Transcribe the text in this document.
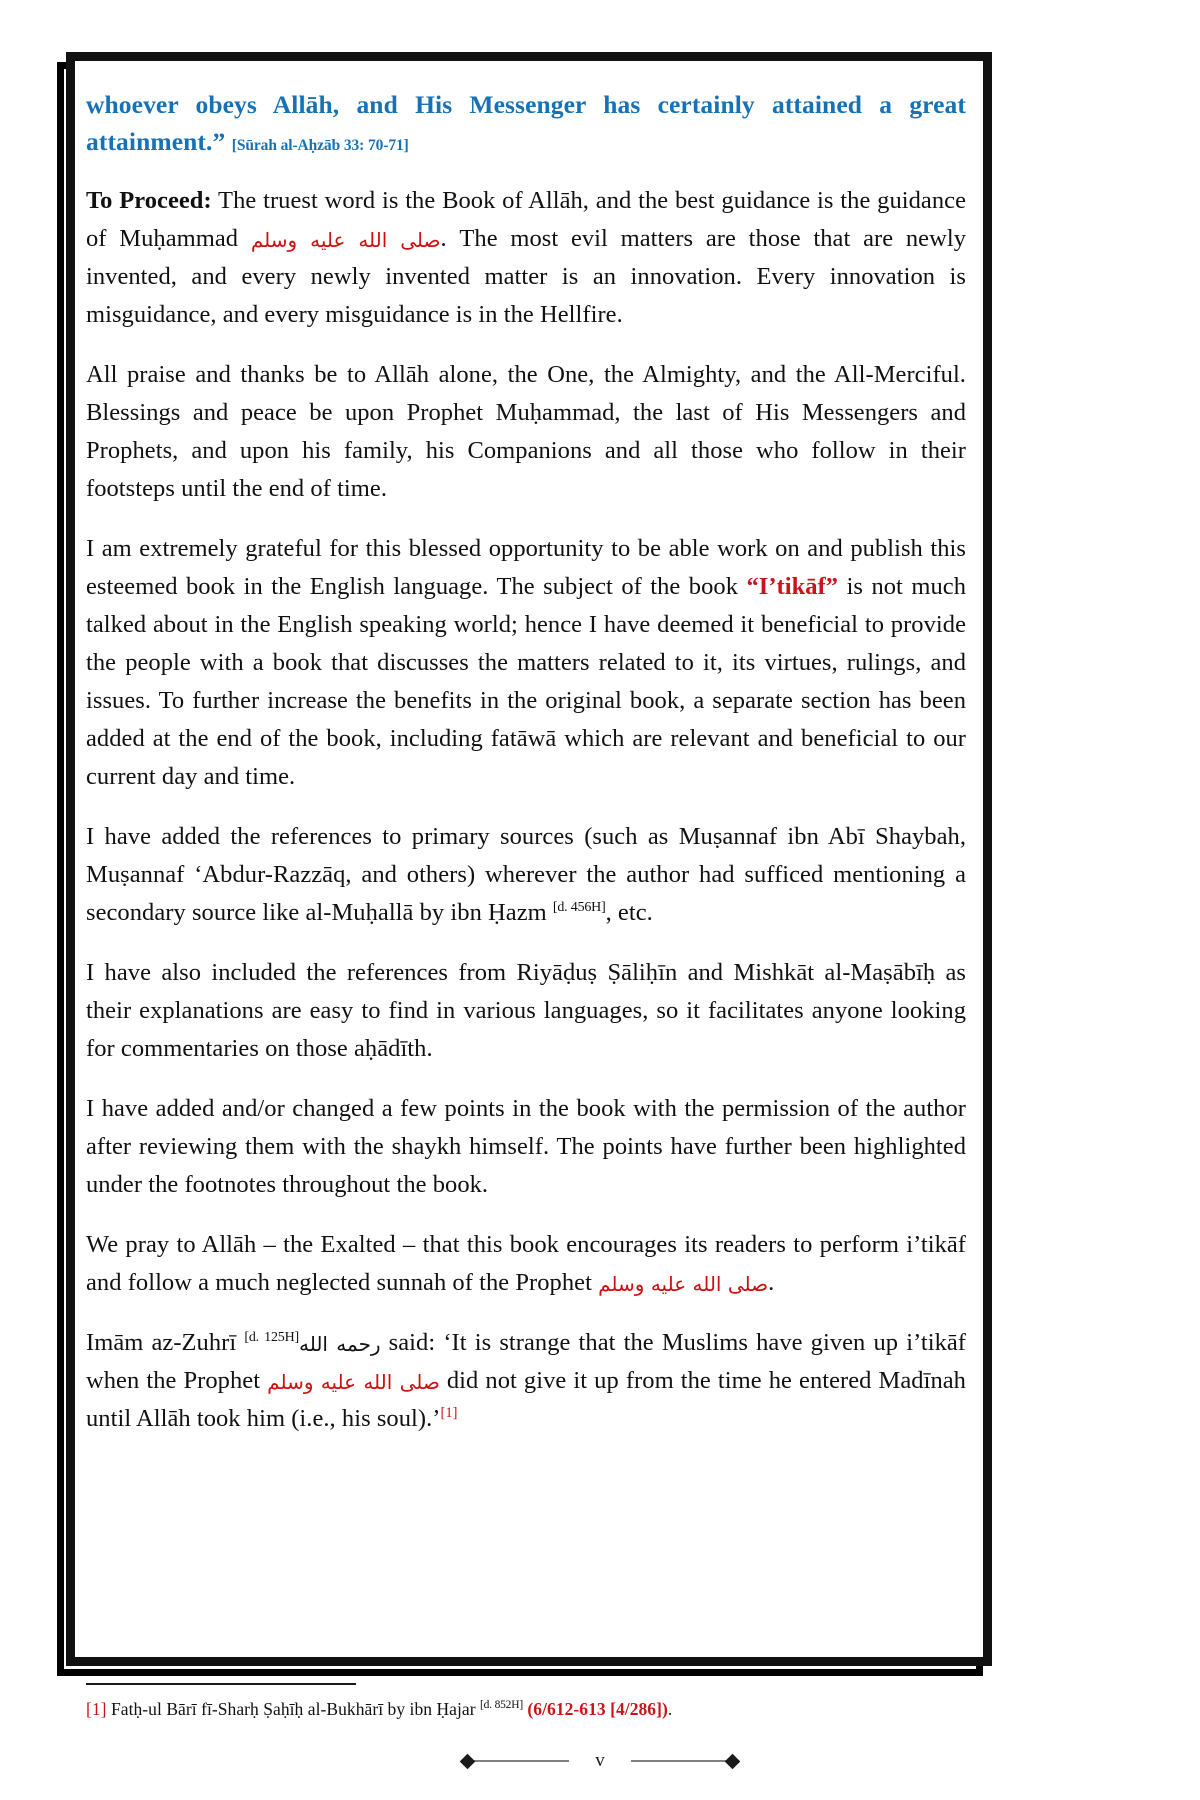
whoever obeys Allāh, and His Messenger has certainly attained a great attainment.” [Sūrah al-Aḥzāb 33: 70-71]

To Proceed: The truest word is the Book of Allāh, and the best guidance is the guidance of Muḥammad صلى الله عليه وسلم. The most evil matters are those that are newly invented, and every newly invented matter is an innovation. Every innovation is misguidance, and every misguidance is in the Hellfire.

All praise and thanks be to Allāh alone, the One, the Almighty, and the All-Merciful. Blessings and peace be upon Prophet Muḥammad, the last of His Messengers and Prophets, and upon his family, his Companions and all those who follow in their footsteps until the end of time.

I am extremely grateful for this blessed opportunity to be able work on and publish this esteemed book in the English language. The subject of the book “I’tikāf” is not much talked about in the English speaking world; hence I have deemed it beneficial to provide the people with a book that discusses the matters related to it, its virtues, rulings, and issues. To further increase the benefits in the original book, a separate section has been added at the end of the book, including fatāwā which are relevant and beneficial to our current day and time.

I have added the references to primary sources (such as Muṣannaf ibn Abī Shaybah, Muṣannaf ‘Abdur-Razzāq, and others) wherever the author had sufficed mentioning a secondary source like al-Muḥallā by ibn Ḥazm [d. 456H], etc.

I have also included the references from Riyāḍuṣ Ṣāliḥīn and Mishkāt al-Maṣābīḥ as their explanations are easy to find in various languages, so it facilitates anyone looking for commentaries on those aḥādīth.

I have added and/or changed a few points in the book with the permission of the author after reviewing them with the shaykh himself. The points have further been highlighted under the footnotes throughout the book.

We pray to Allāh – the Exalted – that this book encourages its readers to perform i’tikāf and follow a much neglected sunnah of the Prophet صلى الله عليه وسلم.

Imām az-Zuhrī [d. 125H]رحمه الله said: ‘It is strange that the Muslims have given up i’tikāf when the Prophet صلى الله عليه وسلم did not give it up from the time he entered Madīnah until Allāh took him (i.e., his soul).’[1]

[1] Fatḥ-ul Bārī fī-Sharḥ Ṣaḥīḥ al-Bukhārī by ibn Ḥajar [d. 852H] (6/612-613 [4/286]).
v
